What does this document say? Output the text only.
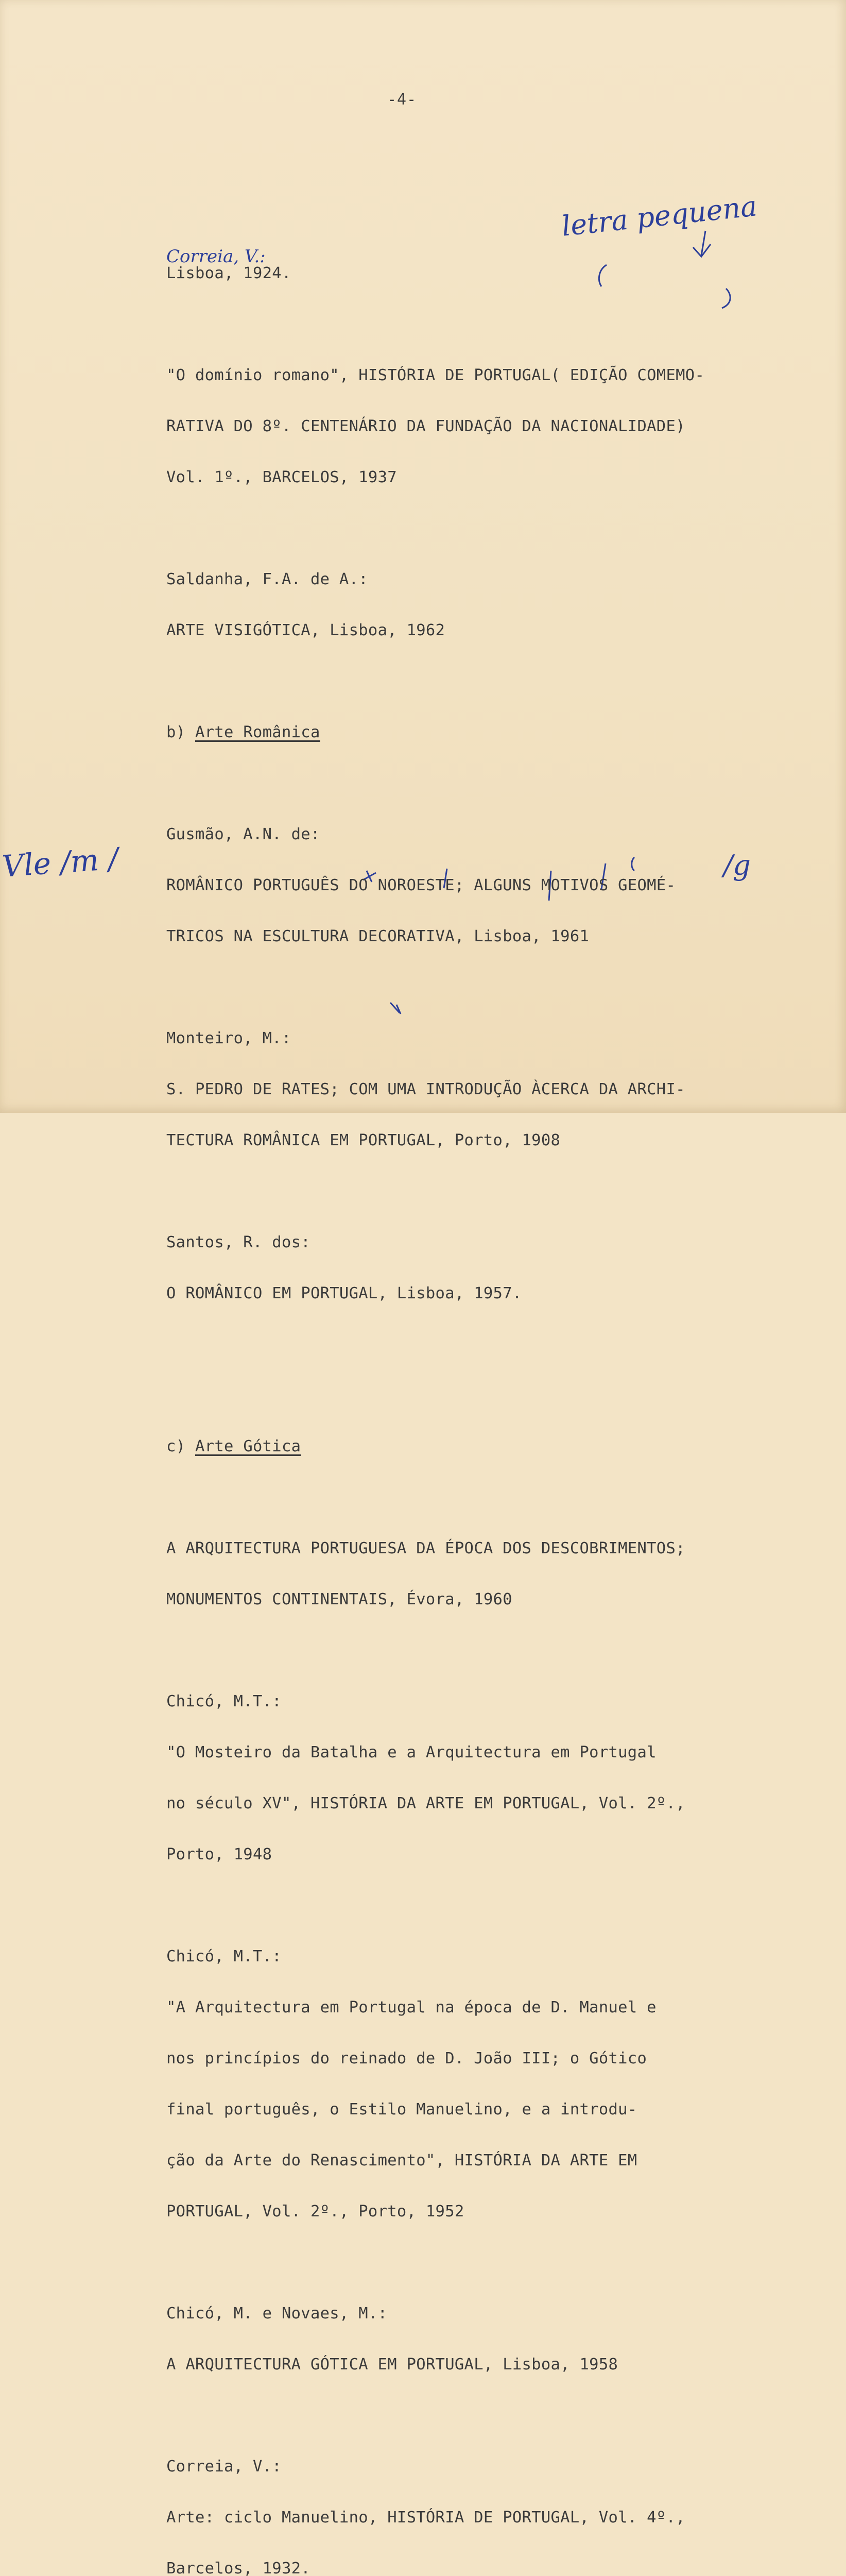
-4-
letra pequena
Correia, V.:
Vle /m /	/g

Lisboa, 1924.

"O domínio romano", HISTÓRIA DE PORTUGAL( EDIÇÃO COMEMO-

RATIVA DO 8º. CENTENÁRIO DA FUNDAÇÃO DA NACIONALIDADE)

Vol. 1º., BARCELOS, 1937

Saldanha, F.A. de A.:

ARTE VISIGÓTICA, Lisboa, 1962

b) Arte Românica

Gusmão, A.N. de:

ROMÂNICO PORTUGUÊS DO NOROESTE; ALGUNS MOTIVOS GEOMÉ-

TRICOS NA ESCULTURA DECORATIVA, Lisboa, 1961

Monteiro, M.:

S. PEDRO DE RATES; COM UMA INTRODUÇÃO ÀCERCA DA ARCHI-

TECTURA ROMÂNICA EM PORTUGAL, Porto, 1908

Santos, R. dos:

O ROMÂNICO EM PORTUGAL, Lisboa, 1957.

c) Arte Gótica

A ARQUITECTURA PORTUGUESA DA ÉPOCA DOS DESCOBRIMENTOS;

MONUMENTOS CONTINENTAIS, Évora, 1960

Chicó, M.T.:

"O Mosteiro da Batalha e a Arquitectura em Portugal

no século XV", HISTÓRIA DA ARTE EM PORTUGAL, Vol. 2º.,

Porto, 1948

Chicó, M.T.:

"A Arquitectura em Portugal na época de D. Manuel e

nos princípios do reinado de D. João III; o Gótico

final português, o Estilo Manuelino, e a introdu-

ção da Arte do Renascimento", HISTÓRIA DA ARTE EM

PORTUGAL, Vol. 2º., Porto, 1952

Chicó, M. e Novaes, M.:

A ARQUITECTURA GÓTICA EM PORTUGAL, Lisboa, 1958

Correia, V.:

Arte: ciclo Manuelino, HISTÓRIA DE PORTUGAL, Vol. 4º.,

Barcelos, 1932.
